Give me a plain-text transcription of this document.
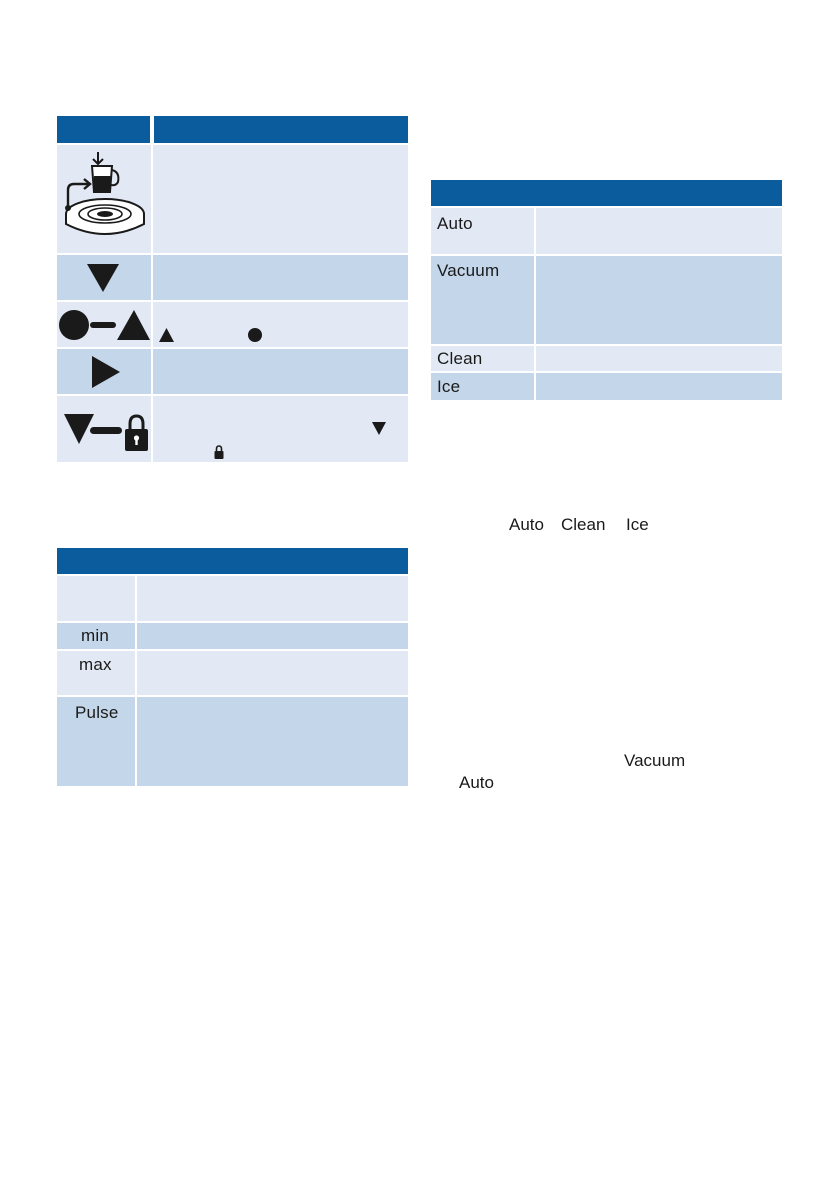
min
max
Pulse
Auto
Vacuum
Clean
Ice
Auto Clean Ice
Vacuum
Auto
